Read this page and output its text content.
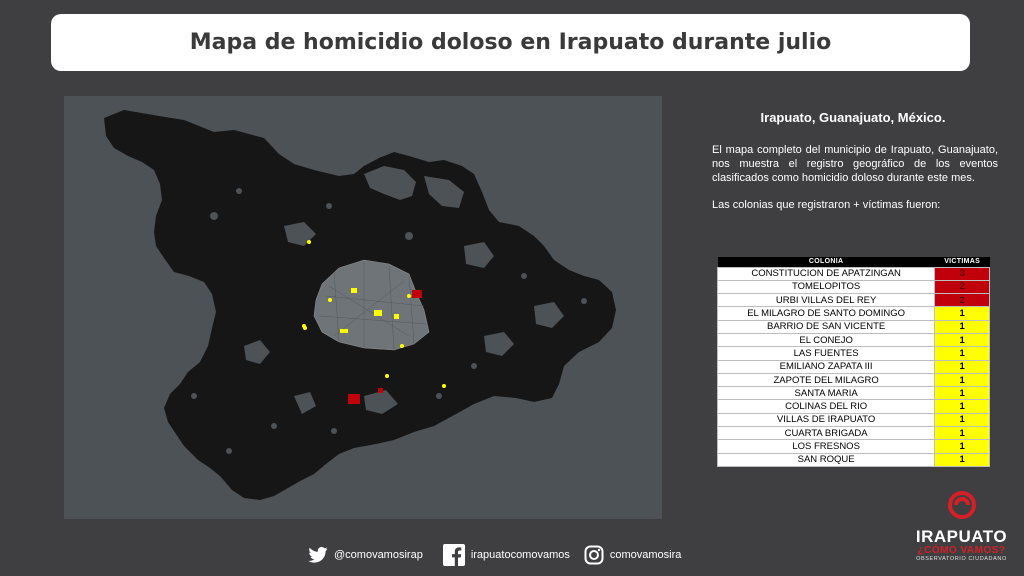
Mapa de homicidio doloso en Irapuato durante julio
Irapuato, Guanajuato, México.

El mapa completo del municipio de Irapuato, Guanajuato, nos muestra el registro geográfico de los eventos clasificados como homicidio doloso durante este mes.

Las colonias que registraron + víctimas fueron:

COLONIA	VICTIMAS
CONSTITUCION DE APATZINGAN	3
TOMELOPITOS	2
URBI VILLAS DEL REY	2
EL MILAGRO DE SANTO DOMINGO	1
BARRIO DE SAN VICENTE	1
EL CONEJO	1
LAS FUENTES	1
EMILIANO ZAPATA III	1
ZAPOTE DEL MILAGRO	1
SANTA MARIA	1
COLINAS DEL RIO	1
VILLAS DE IRAPUATO	1
CUARTA BRIGADA	1
LOS FRESNOS	1
SAN ROQUE	1
@comovamosirap	irapuatocomovamos	comovamosira
IRAPUATO
¿CÓMO VAMOS?
OBSERVATORIO CIUDADANO
